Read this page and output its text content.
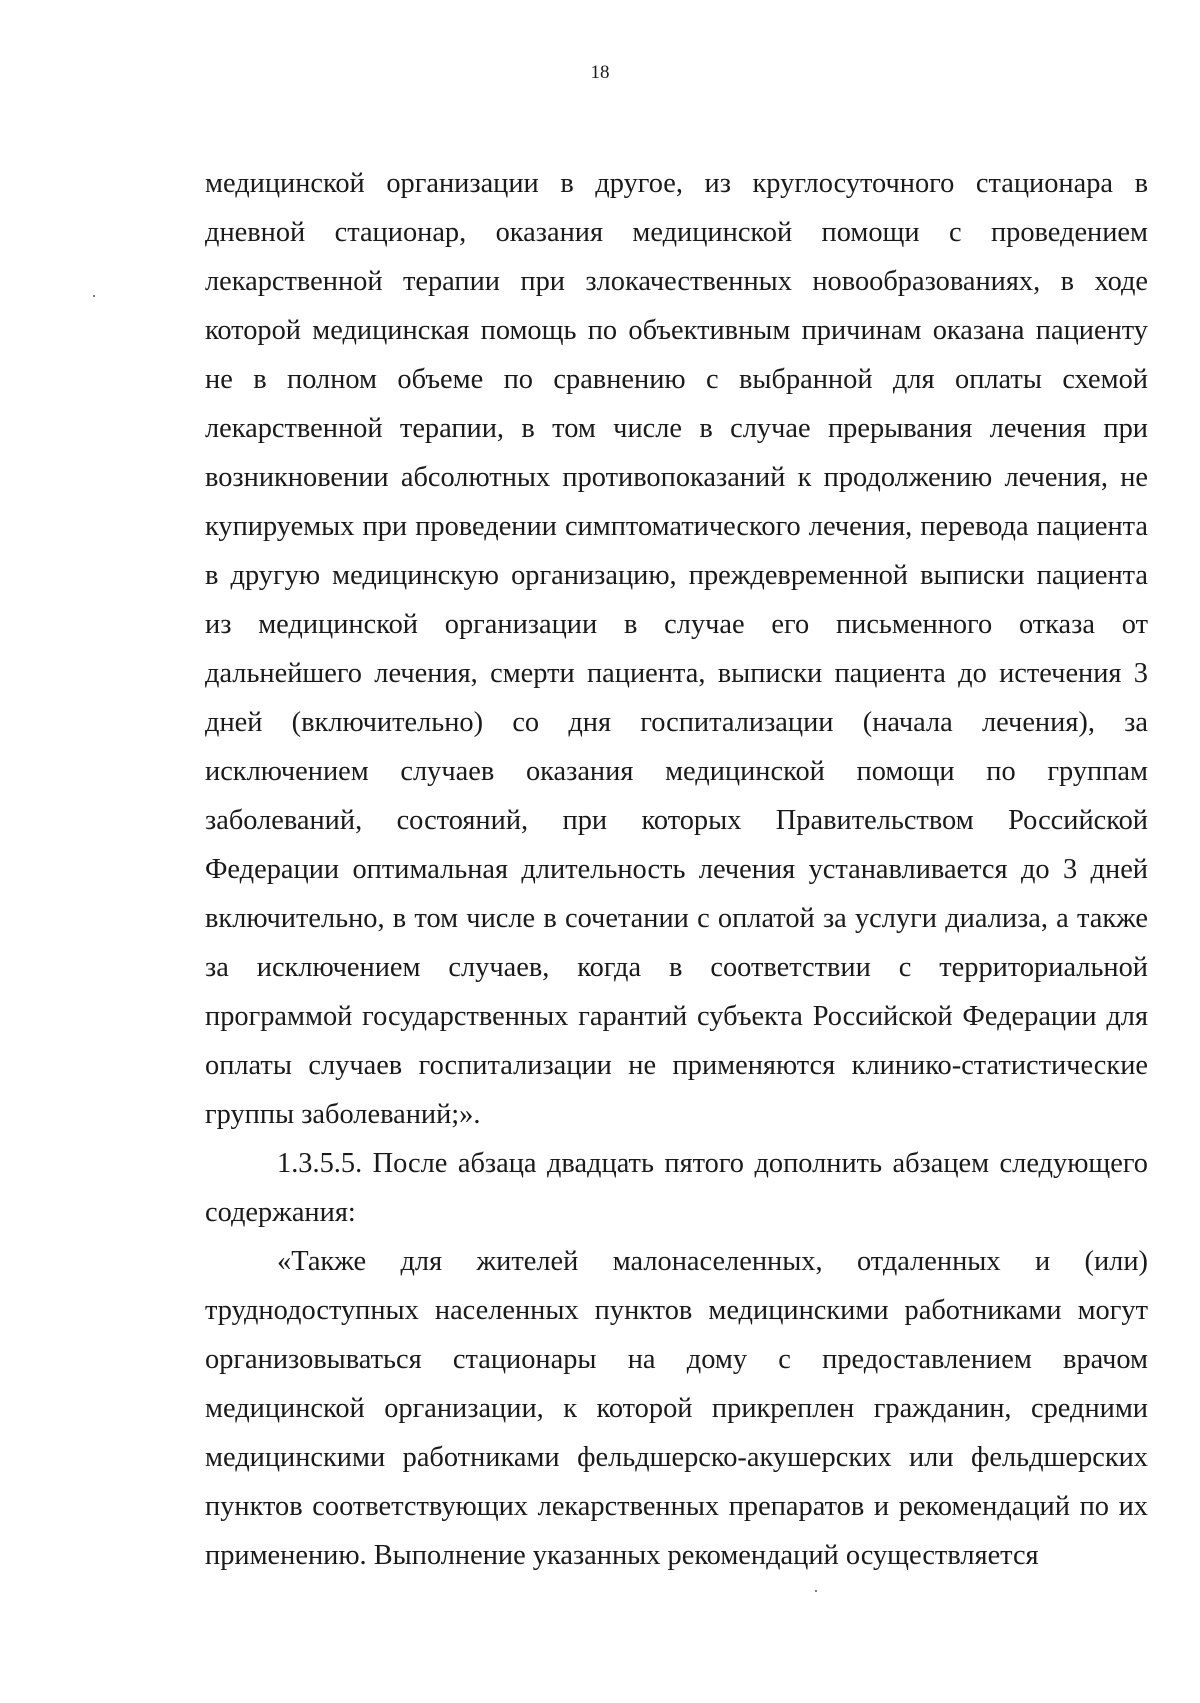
18

медицинской организации в другое, из круглосуточного стационара в дневной стационар, оказания медицинской помощи с проведением лекарственной терапии при злокачественных новообразованиях, в ходе которой медицинская помощь по объективным причинам оказана пациенту не в полном объеме по сравнению с выбранной для оплаты схемой лекарственной терапии, в том числе в случае прерывания лечения при возникновении абсолютных противопоказаний к продолжению лечения, не купируемых при проведении симптоматического лечения, перевода пациента в другую медицинскую организацию, преждевременной выписки пациента из медицинской организации в случае его письменного отказа от дальнейшего лечения, смерти пациента, выписки пациента до истечения 3 дней (включительно) со дня госпитализации (начала лечения), за исключением случаев оказания медицинской помощи по группам заболеваний, состояний, при которых Правительством Российской Федерации оптимальная длительность лечения устанавливается до 3 дней включительно, в том числе в сочетании с оплатой за услуги диализа, а также за исключением случаев, когда в соответствии с территориальной программой государственных гарантий субъекта Российской Федерации для оплаты случаев госпитализации не применяются клинико-статистические группы заболеваний;».

1.3.5.5. После абзаца двадцать пятого дополнить абзацем следующего содержания:

«Также для жителей малонаселенных, отдаленных и (или) труднодоступных населенных пунктов медицинскими работниками могут организовываться стационары на дому с предоставлением врачом медицинской организации, к которой прикреплен гражданин, средними медицинскими работниками фельдшерско-акушерских или фельдшерских пунктов соответствующих лекарственных препаратов и рекомендаций по их применению. Выполнение указанных рекомендаций осуществляется
